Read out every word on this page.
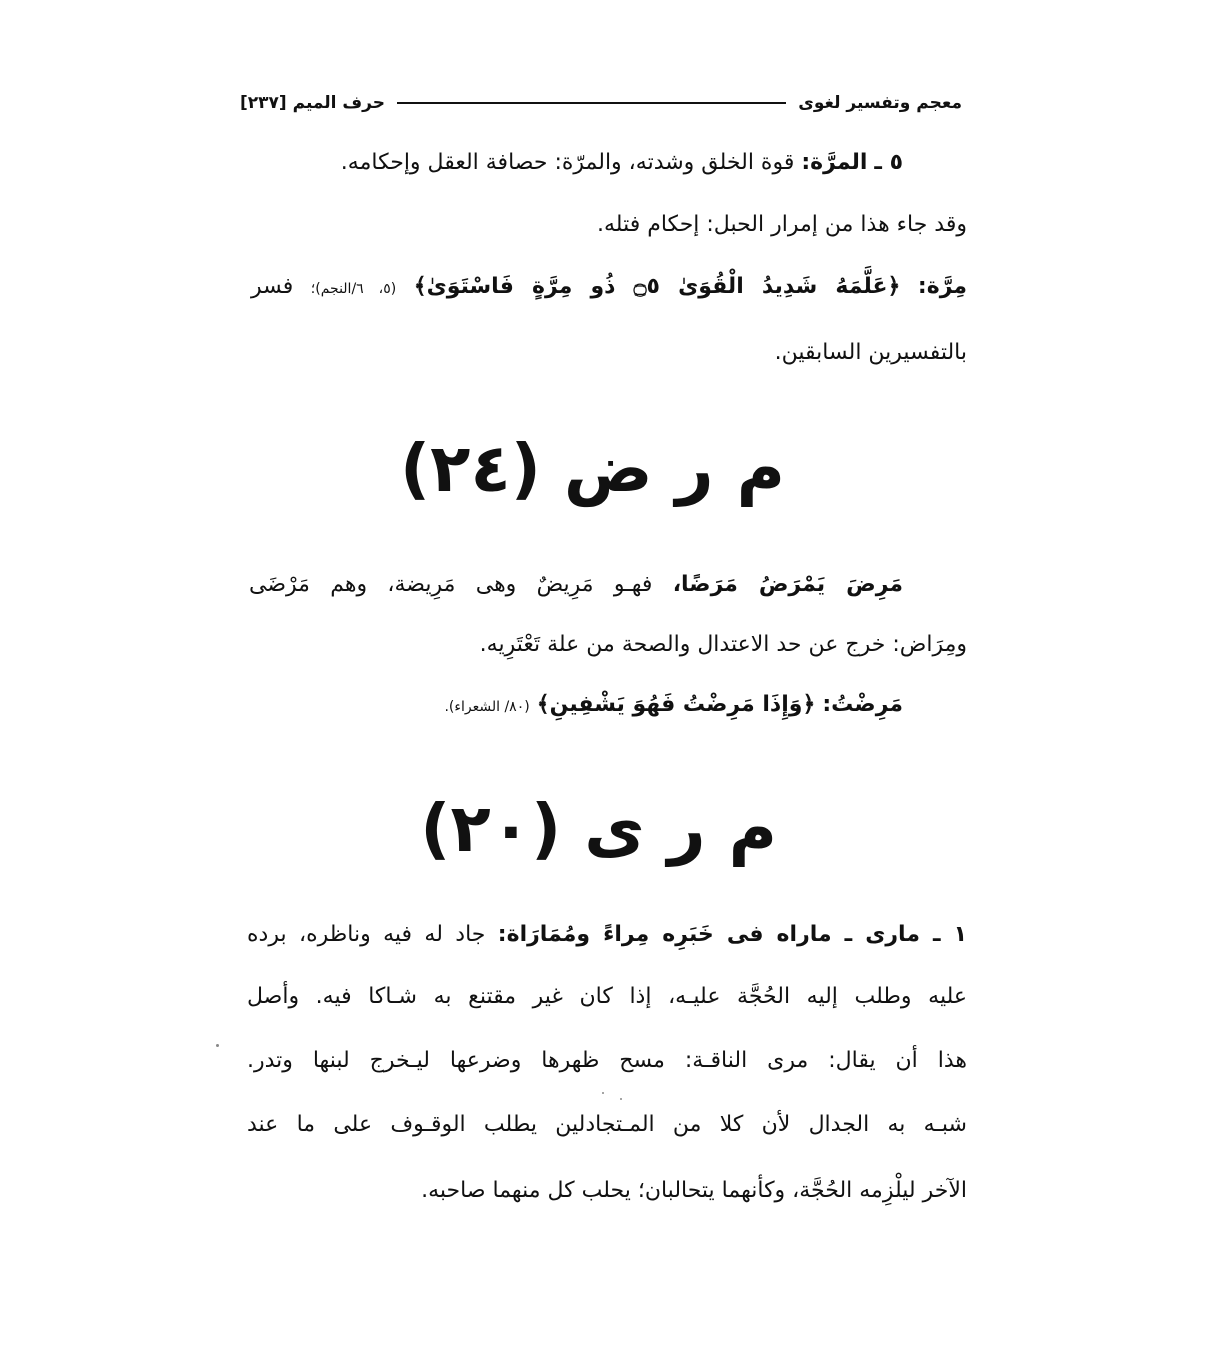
معجم وتفسير لغوى
حرف الميم [٢٣٧]
٥ ـ المرَّة: قوة الخلق وشدته، والمرّة: حصافة العقل وإحكامه.
وقد جاء هذا من إمرار الحبل: إحكام فتله.
مِرَّة: ﴿عَلَّمَهُ شَدِيدُ الْقُوَىٰ ۝٥ ذُو مِرَّةٍ فَاسْتَوَىٰ﴾ (٥، ٦/النجم)؛ فسر
بالتفسيرين السابقين.
م ر ض (٢٤)
مَرِضَ يَمْرَضُ مَرَضًا، فهـو مَرِيضٌ وهى مَرِيضة، وهم مَرْضَى
ومِرَاض: خرج عن حد الاعتدال والصحة من علة تَعْتَرِيه.
مَرِضْتُ: ﴿وَإِذَا مَرِضْتُ فَهُوَ يَشْفِينِ﴾ (٨٠/ الشعراء).
م ر ى (٢٠)
١ ـ مارى ـ ماراه فى خَبَرِه مِراءً ومُمَارَاة: جاد له فيه وناظره، برده
عليه وطلب إليه الحُجَّة عليـه، إذا كان غير مقتنع به شـاكا فيه. وأصل
هذا أن يقال: مرى الناقـة: مسح ظهرها وضرعها ليـخرج لبنها وتدر.
شبـه به الجدال لأن كلا من المـتجادلين يطلب الوقـوف على ما عند
الآخر ليلْزِمه الحُجَّة، وكأنهما يتحالبان؛ يحلب كل منهما صاحبه.
